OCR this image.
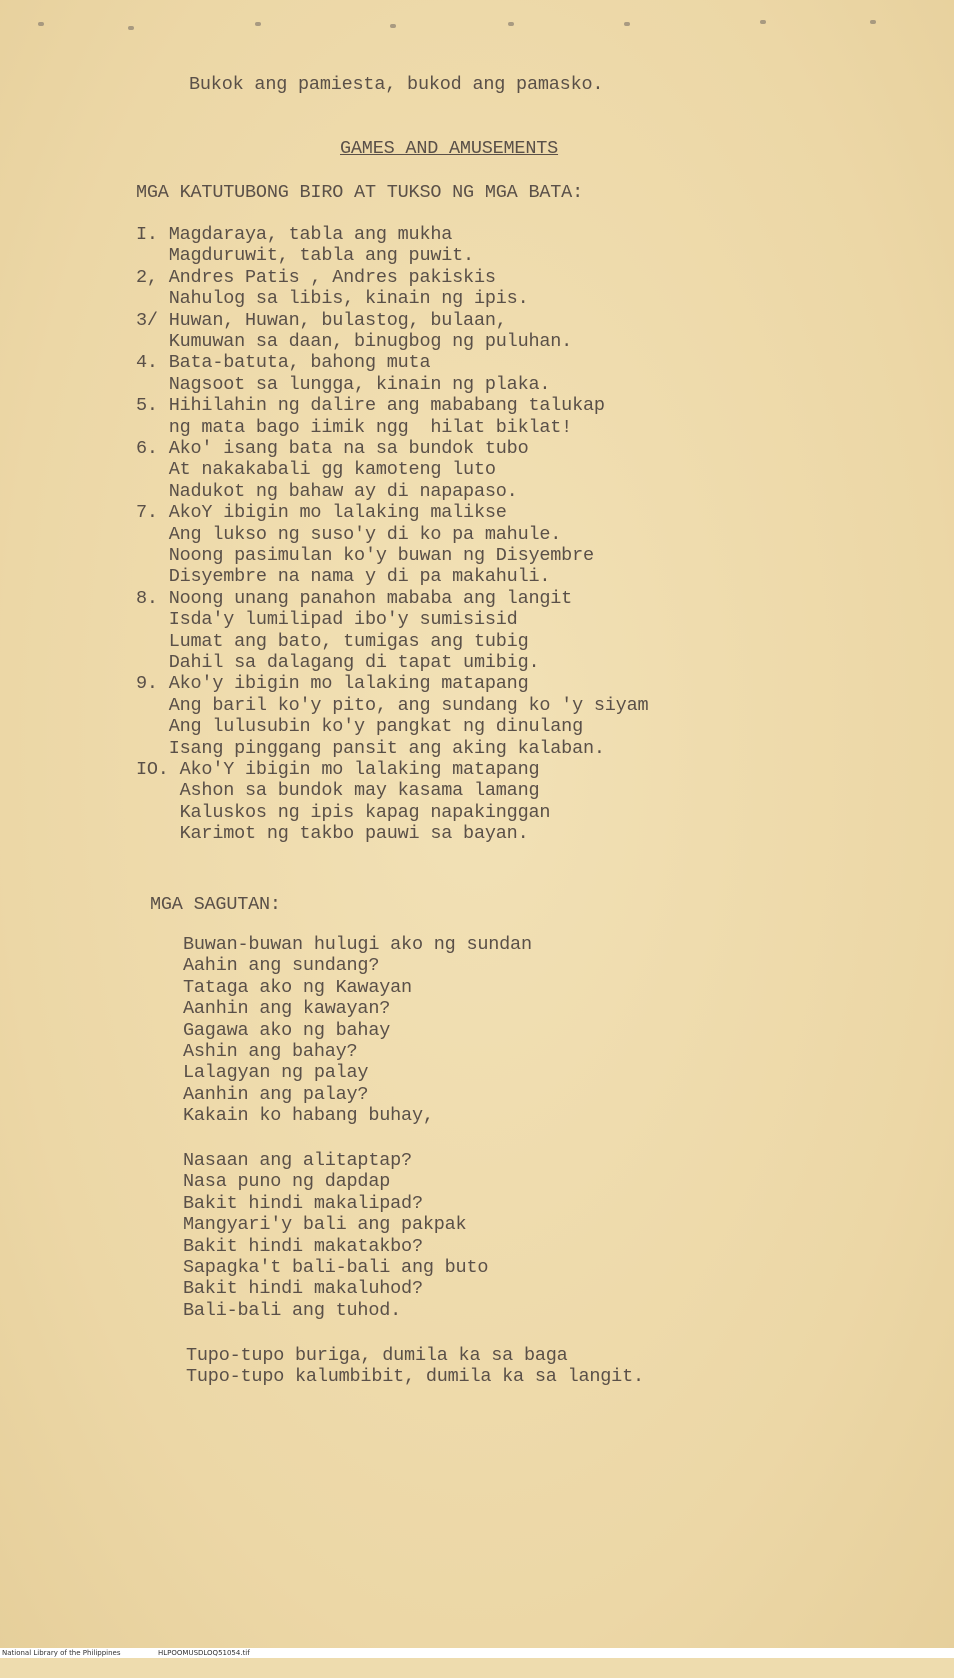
Bukok ang pamiesta, bukod ang pamasko.
GAMES AND AMUSEMENTS
MGA KATUTUBONG BIRO AT TUKSO NG MGA BATA:
I. Magdaraya, tabla ang mukha
Magduruwit, tabla ang puwit.
2, Andres Patis , Andres pakiskis
Nahulog sa libis, kinain ng ipis.
3/ Huwan, Huwan, bulastog, bulaan,
Kumuwan sa daan, binugbog ng puluhan.
4. Bata-batuta, bahong muta
Nagsoot sa lungga, kinain ng plaka.
5. Hihilahin ng dalire ang mababang talukap
ng mata bago iimik ngg  hilat biklat!
6. Ako' isang bata na sa bundok tubo
At nakakabali gg kamoteng luto
Nadukot ng bahaw ay di napapaso.
7. AkoY ibigin mo lalaking malikse
Ang lukso ng suso'y di ko pa mahule.
Noong pasimulan ko'y buwan ng Disyembre
Disyembre na nama y di pa makahuli.
8. Noong unang panahon mababa ang langit
Isda'y lumilipad ibo'y sumisisid
Lumat ang bato, tumigas ang tubig
Dahil sa dalagang di tapat umibig.
9. Ako'y ibigin mo lalaking matapang
Ang baril ko'y pito, ang sundang ko 'y siyam
Ang lulusubin ko'y pangkat ng dinulang
Isang pinggang pansit ang aking kalaban.
IO. Ako'Y ibigin mo lalaking matapang
Ashon sa bundok may kasama lamang
Kaluskos ng ipis kapag napakinggan
Karimot ng takbo pauwi sa bayan.
MGA SAGUTAN:
Buwan-buwan hulugi ako ng sundan
Aahin ang sundang?
Tataga ako ng Kawayan
Aanhin ang kawayan?
Gagawa ako ng bahay
Ashin ang bahay?
Lalagyan ng palay
Aanhin ang palay?
Kakain ko habang buhay,
Nasaan ang alitaptap?
Nasa puno ng dapdap
Bakit hindi makalipad?
Mangyari'y bali ang pakpak
Bakit hindi makatakbo?
Sapagka't bali-bali ang buto
Bakit hindi makaluhod?
Bali-bali ang tuhod.
Tupo-tupo buriga, dumila ka sa baga
Tupo-tupo kalumbibit, dumila ka sa langit.

National Library of the Philippines

	HLPOOMUSDLOQ51054.tif
